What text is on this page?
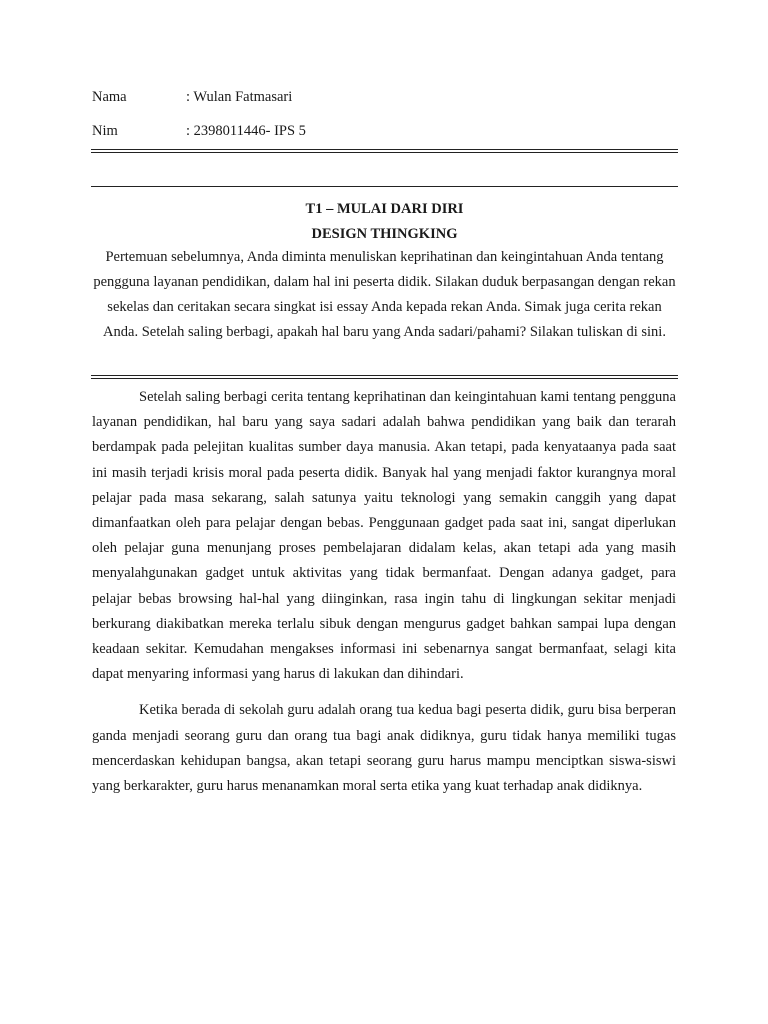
Nama	: Wulan Fatmasari
Nim	: 2398011446- IPS 5
T1 – MULAI DARI DIRI
DESIGN THINGKING
Pertemuan sebelumnya, Anda diminta menuliskan keprihatinan dan keingintahuan Anda tentang pengguna layanan pendidikan, dalam hal ini peserta didik. Silakan duduk berpasangan dengan rekan sekelas dan ceritakan secara singkat isi essay Anda kepada rekan Anda. Simak juga cerita rekan Anda. Setelah saling berbagi, apakah hal baru yang Anda sadari/pahami? Silakan tuliskan di sini.

Setelah saling berbagi cerita tentang keprihatinan dan keingintahuan kami tentang pengguna layanan pendidikan, hal baru yang saya sadari adalah bahwa pendidikan yang baik dan terarah berdampak pada pelejitan kualitas sumber daya manusia. Akan tetapi, pada kenyataanya pada saat ini masih terjadi krisis moral pada peserta didik. Banyak hal yang menjadi faktor kurangnya moral pelajar pada masa sekarang, salah satunya yaitu teknologi yang semakin canggih yang dapat dimanfaatkan oleh para pelajar dengan bebas. Penggunaan gadget pada saat ini, sangat diperlukan oleh pelajar guna menunjang proses pembelajaran didalam kelas, akan tetapi ada yang masih menyalahgunakan gadget untuk aktivitas yang tidak bermanfaat. Dengan adanya gadget, para pelajar bebas browsing hal-hal yang diinginkan, rasa ingin tahu di lingkungan sekitar menjadi berkurang diakibatkan mereka terlalu sibuk dengan mengurus gadget bahkan sampai lupa dengan keadaan sekitar. Kemudahan mengakses informasi ini sebenarnya sangat bermanfaat, selagi kita dapat menyaring informasi yang harus di lakukan dan dihindari.

Ketika berada di sekolah guru adalah orang tua kedua bagi peserta didik, guru bisa berperan ganda menjadi seorang guru dan orang tua bagi anak didiknya, guru tidak hanya memiliki tugas mencerdaskan kehidupan bangsa, akan tetapi seorang guru harus mampu menciptkan siswa-siswi yang berkarakter, guru harus menanamkan moral serta etika yang kuat terhadap anak didiknya.
